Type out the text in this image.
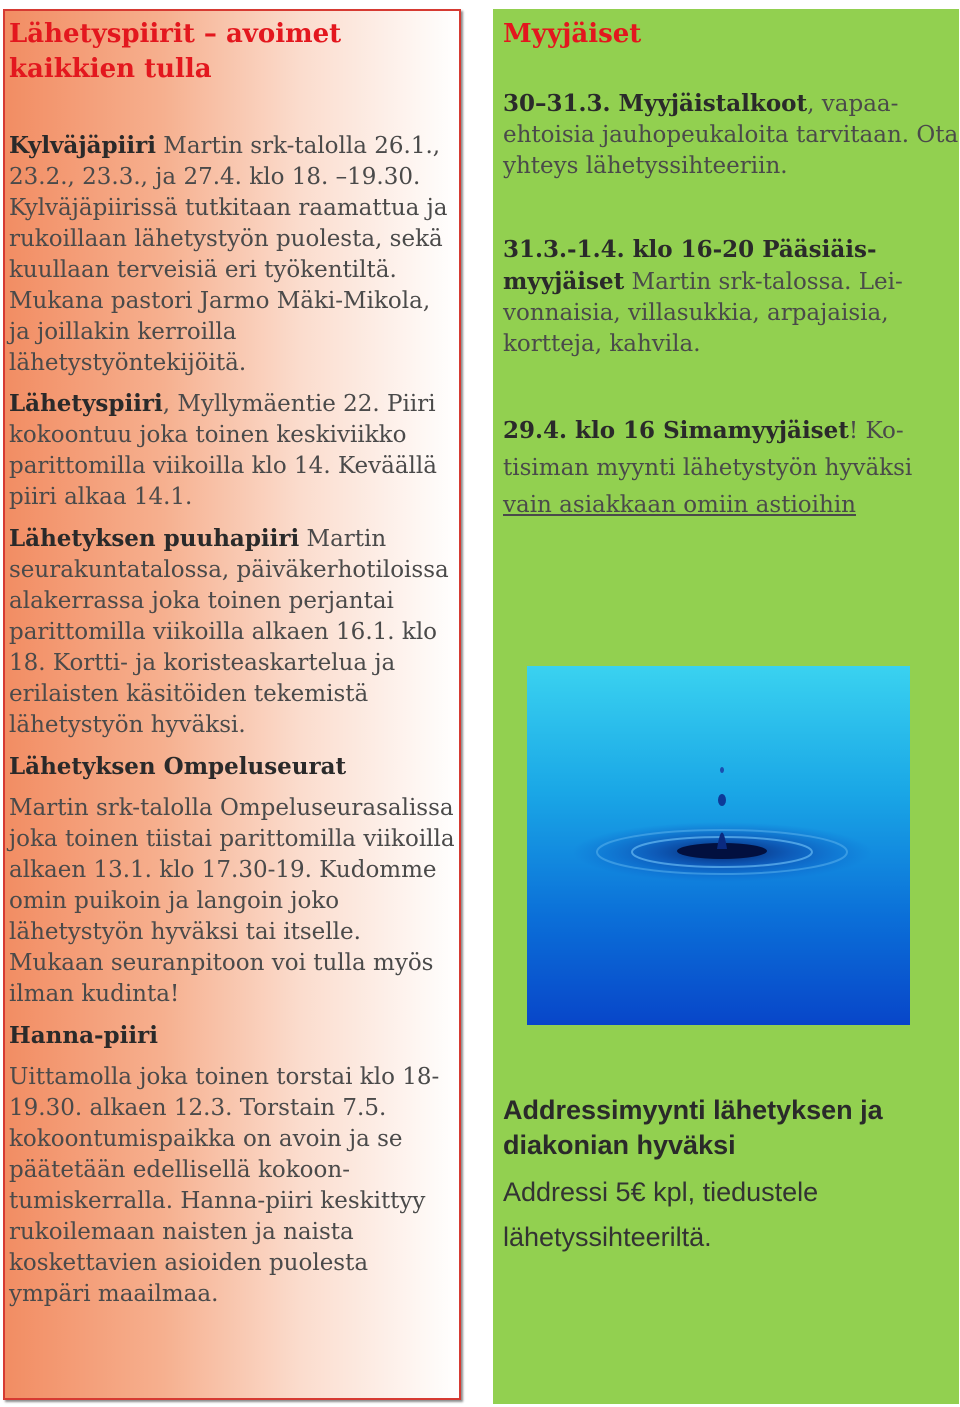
Lähetyspiirit – avoimet kaikkien tulla

Kylväjäpiiri Martin srk-talolla 26.1., 23.2., 23.3., ja 27.4. klo 18. –19.30. Kylväjäpiirissä tutkitaan raamattua ja rukoillaan lähetystyön puolesta, sekä kuullaan terveisiä eri työkentiltä. Mukana pastori Jarmo Mäki-Mikola, ja joillakin kerroilla lähetystyöntekijöitä.

Lähetyspiiri, Myllymäentie 22. Piiri kokoontuu joka toinen keskiviikko parittomilla viikoilla klo 14. Keväällä piiri alkaa 14.1.

Lähetyksen puuhapiiri Martin seurakuntatalossa, päiväkerhotiloissa alakerrassa joka toinen perjantai parittomilla viikoilla alkaen 16.1. klo 18. Kortti- ja koristeaskartelua ja erilaisten käsitöiden tekemistä lähetystyön hyväksi.

Lähetyksen Ompeluseurat

Martin srk-talolla Ompeluseurasalissa joka toinen tiistai parittomilla viikoilla alkaen 13.1. klo 17.30-19. Kudomme omin puikoin ja langoin joko lähetystyön hyväksi tai itselle. Mukaan seuranpitoon voi tulla myös ilman kudinta!

Hanna-piiri

Uittamolla joka toinen torstai klo 18-19.30. alkaen 12.3. Torstain 7.5. kokoontumispaikka on avoin ja se päätetään edellisellä kokoontumiskerralla. Hanna-piiri keskittyy rukoilemaan naisten ja naista koskettavien asioiden puolesta ympäri maailmaa.

Myyjäiset

30–31.3. Myyjäistalkoot, vapaaehtoisia jauhopeukaloita tarvitaan. Ota yhteys lähetyssihteeriin.

31.3.-1.4. klo 16-20 Pääsiäismyyjäiset Martin srk-talossa. Leivonnaisia, villasukkia, arpajaisia, kortteja, kahvila.

29.4. klo 16 Simamyyjäiset! Kotisiman myynti lähetystyön hyväksi vain asiakkaan omiin astioihin

Addressimyynti lähetyksen ja diakonian hyväksi

Addressi 5€ kpl, tiedustele lähetyssihteeriltä.
